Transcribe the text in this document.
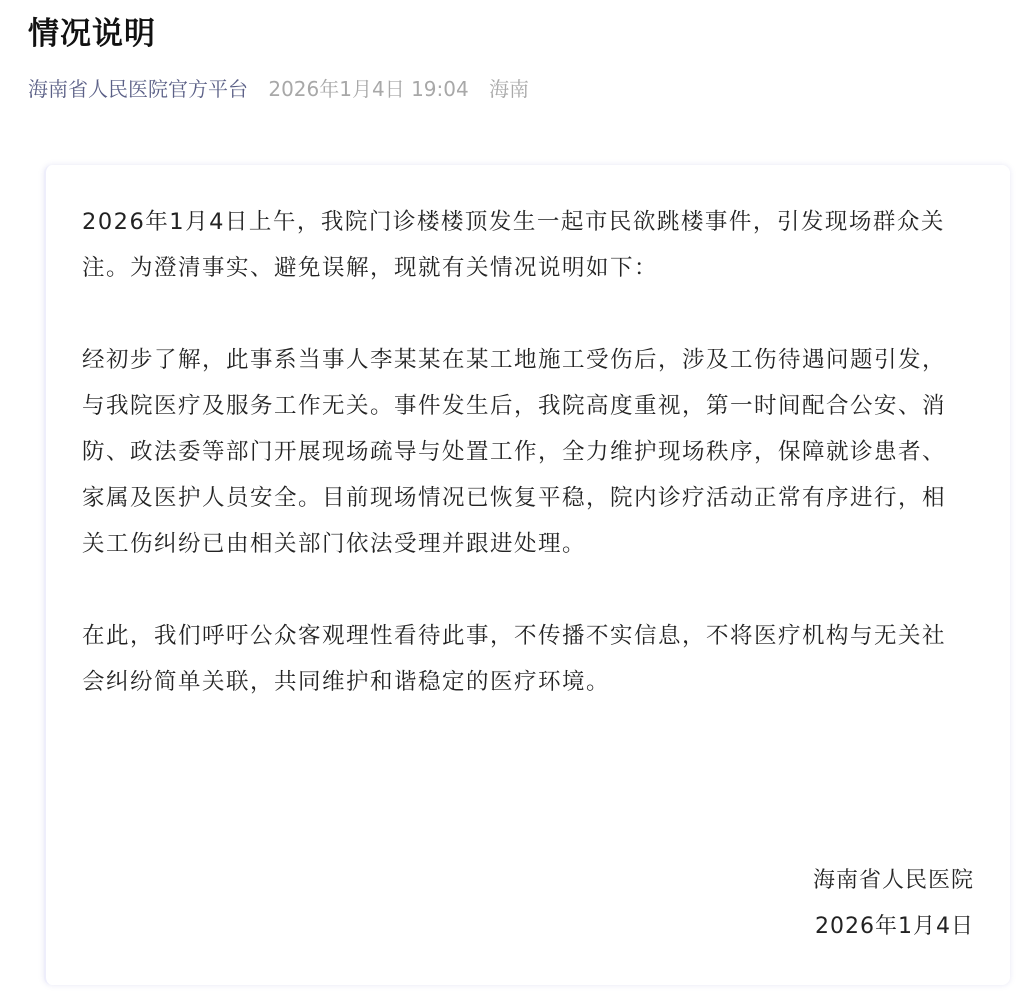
情况说明
海南省人民医院官方平台 2026年1月4日 19:04 海南
2026年1月4日上午，我院门诊楼楼顶发生一起市民欲跳楼事件，引发现场群众关
注。为澄清事实、避免误解，现就有关情况说明如下：
经初步了解，此事系当事人李某某在某工地施工受伤后，涉及工伤待遇问题引发，
与我院医疗及服务工作无关。事件发生后，我院高度重视，第一时间配合公安、消
防、政法委等部门开展现场疏导与处置工作，全力维护现场秩序，保障就诊患者、
家属及医护人员安全。目前现场情况已恢复平稳，院内诊疗活动正常有序进行，相
关工伤纠纷已由相关部门依法受理并跟进处理。
在此，我们呼吁公众客观理性看待此事，不传播不实信息，不将医疗机构与无关社
会纠纷简单关联，共同维护和谐稳定的医疗环境。
海南省人民医院
2026年1月4日
